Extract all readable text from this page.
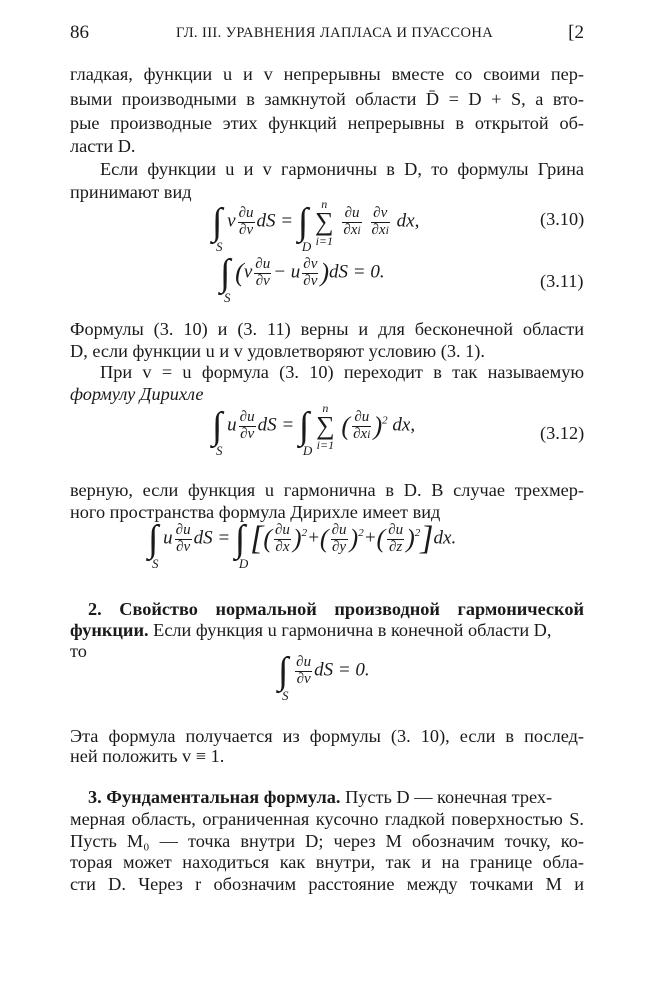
86	ГЛ. III. УРАВНЕНИЯ ЛАПЛАСА И ПУАССОНА	[2
гладкая, функции u и v непрерывны вместе со своими пер-
выми производными в замкнутой области D̄ = D + S, а вто-
рые производные этих функций непрерывны в открытой об-
ласти D.
Если функции u и v гармоничны в D, то формулы Грина
принимают вид
∫
S
v $\frac{\partial u}{\partial\nu}$ dS = ∫
D
n
∑
i=1
$\frac{\partial u}{\partial xi}$
$\frac{\partial v}{\partial xi}$ dx,	(3.10)
∫
S
$(v \frac{\partial u}{\partial\nu} - u \frac{\partial v}{\partial\nu} )dS = 0$.	(3.11)
Формулы (3. 10) и (3. 11) верны и для бесконечной области
D, если функции u и v удовлетворяют условию (3. 1).
При v = u формула (3. 10) переходит в так называемую
формулу Дирихле
∫
S
u $\frac{\partial u}{\partial\nu}$ dS = ∫
D
n
∑
i=1 ( $\frac{\partial u}{\partial xi} )^2$ dx,	(3.12)
верную, если функция u гармонична в D. В случае трехмер-
ного пространства формула Дирихле имеет вид
∫
S
u $\frac{\partial u}{\partial\nu}$ dS = ∫
D
[( $\frac{\partial u}{\partial x} )^2+( \frac{\partial u}{\partial y} )^2+( \frac{\partial u}{\partial z} )^2]dx$.
2. Свойство нормальной производной гармонической
функции. Если функция u гармонична в конечной области D,
то	∫
S

$\frac{\partial u}{\partial\nu}$ dS = 0.
Эта формула получается из формулы (3. 10), если в послед-
ней положить v ≡ 1.
3. Фундаментальная формула. Пусть D — конечная трех-
мерная область, ограниченная кусочно гладкой поверхностью S.
Пусть M₀ — точка внутри D; через M обозначим точку, ко-
торая может находиться как внутри, так и на границе обла-
сти D. Через r обозначим расстояние между точками M и
